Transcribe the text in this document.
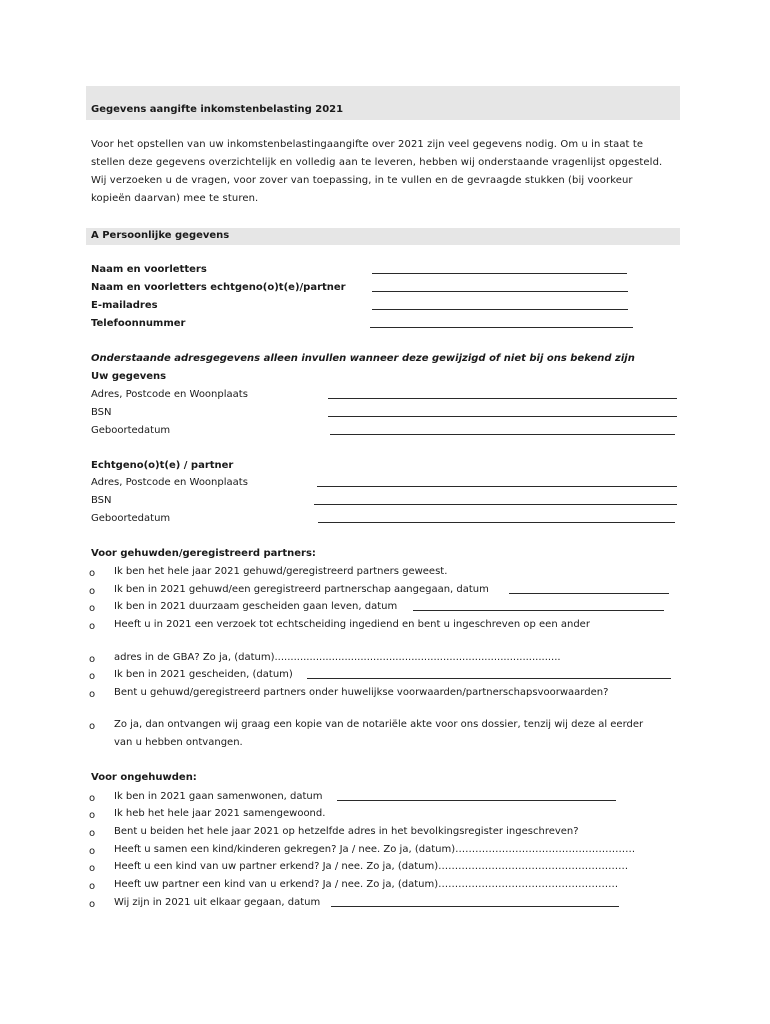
Gegevens aangifte inkomstenbelasting 2021

Voor het opstellen van uw inkomstenbelastingaangifte over 2021 zijn veel gegevens nodig. Om u in staat te

stellen deze gegevens overzichtelijk en volledig aan te leveren, hebben wij onderstaande vragenlijst opgesteld.

Wij verzoeken u de vragen, voor zover van toepassing, in te vullen en de gevraagde stukken (bij voorkeur

kopieën daarvan) mee te sturen.

A Persoonlijke gegevens
Naam en voorletters
Naam en voorletters echtgeno(o)t(e)/partner
E-mailadres
Telefoonnummer
Onderstaande adresgegevens alleen invullen wanneer deze gewijzigd of niet bij ons bekend zijn
Uw gegevens
Adres, Postcode en Woonplaats
BSN
Geboortedatum
Echtgeno(o)t(e) / partner
Adres, Postcode en Woonplaats
BSN
Geboortedatum
Voor gehuwden/geregistreerd partners:
o Ik ben het hele jaar 2021 gehuwd/geregistreerd partners geweest.
o Ik ben in 2021 gehuwd/een geregistreerd partnerschap aangegaan, datum
o Ik ben in 2021 duurzaam gescheiden gaan leven, datum
o Heeft u in 2021 een verzoek tot echtscheiding ingediend en bent u ingeschreven op een ander
o adres in de GBA? Zo ja, (datum)..........................................................................................
o Ik ben in 2021 gescheiden, (datum)
o Bent u gehuwd/geregistreerd partners onder huwelijkse voorwaarden/partnerschapsvoorwaarden?
o Zo ja, dan ontvangen wij graag een kopie van de notariële akte voor ons dossier, tenzij wij deze al eerder
van u hebben ontvangen.
Voor ongehuwden:
o Ik ben in 2021 gaan samenwonen, datum
o Ik heb het hele jaar 2021 samengewoond.
o Bent u beiden het hele jaar 2021 op hetzelfde adres in het bevolkingsregister ingeschreven?
o Heeft u samen een kind/kinderen gekregen? Ja / nee. Zo ja, (datum)………………………………………………
o Heeft u een kind van uw partner erkend? Ja / nee. Zo ja, (datum)…………………………………………………
o Heeft uw partner een kind van u erkend? Ja / nee. Zo ja, (datum)………………………………………………
o Wij zijn in 2021 uit elkaar gegaan, datum
